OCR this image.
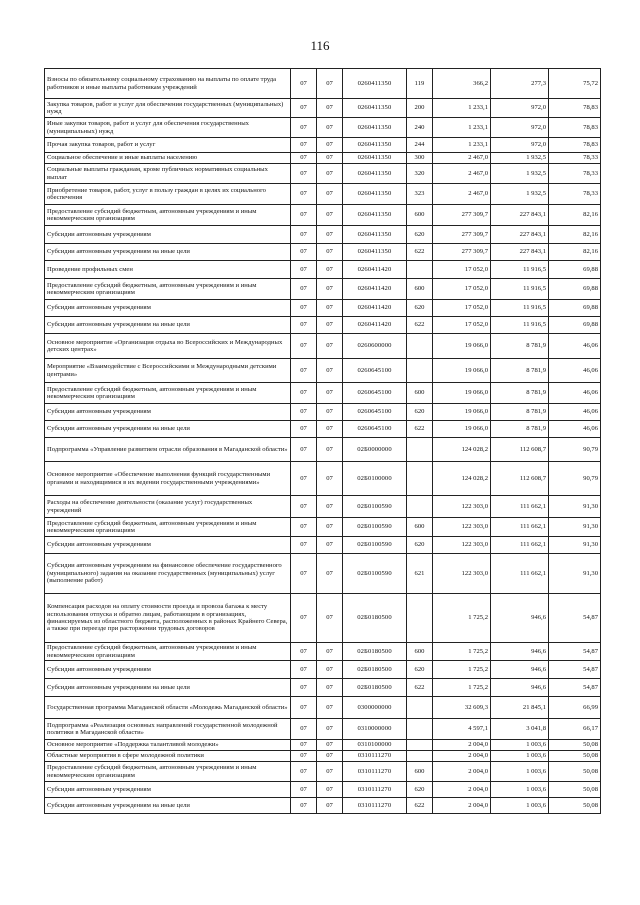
116
Взносы по обязательному социальному страхованию на выплаты по оплате труда работников и иные выплаты работникам учреждений	07	07	0260411350	119	366,2	277,3	75,72
Закупка товаров, работ и услуг для обеспечения государственных (муниципальных) нужд	07	07	0260411350	200	1 233,1	972,0	78,83
Иные закупки товаров, работ и услуг для обеспечения государственных (муниципальных) нужд	07	07	0260411350	240	1 233,1	972,0	78,83
Прочая закупка товаров, работ и услуг	07	07	0260411350	244	1 233,1	972,0	78,83
Социальное обеспечение и иные выплаты населению	07	07	0260411350	300	2 467,0	1 932,5	78,33
Социальные выплаты гражданам, кроме публичных нормативных социальных выплат	07	07	0260411350	320	2 467,0	1 932,5	78,33
Приобретение товаров, работ, услуг в пользу граждан в целях их социального обеспечения	07	07	0260411350	323	2 467,0	1 932,5	78,33
Предоставление субсидий бюджетным, автономным учреждениям и иным некоммерческим организациям	07	07	0260411350	600	277 309,7	227 843,1	82,16
Субсидии автономным учреждениям	07	07	0260411350	620	277 309,7	227 843,1	82,16
Субсидии автономным учреждениям на иные цели	07	07	0260411350	622	277 309,7	227 843,1	82,16
Проведение профильных смен	07	07	0260411420		17 052,0	11 916,5	69,88
Предоставление субсидий бюджетным, автономным учреждениям и иным некоммерческим организациям	07	07	0260411420	600	17 052,0	11 916,5	69,88
Субсидии автономным учреждениям	07	07	0260411420	620	17 052,0	11 916,5	69,88
Субсидии автономным учреждениям на иные цели	07	07	0260411420	622	17 052,0	11 916,5	69,88
Основное мероприятие «Организация отдыха во Всероссийских и Международных детских центрах»	07	07	0260600000		19 066,0	8 781,9	46,06
Мероприятие «Взаимодействие с Всероссийскими и Международными детскими центрами»	07	07	0260645100		19 066,0	8 781,9	46,06
Предоставление субсидий бюджетным, автономным учреждениям и иным некоммерческим организациям	07	07	0260645100	600	19 066,0	8 781,9	46,06
Субсидии автономным учреждениям	07	07	0260645100	620	19 066,0	8 781,9	46,06
Субсидии автономным учреждениям на иные цели	07	07	0260645100	622	19 066,0	8 781,9	46,06
Подпрограмма «Управление развитием отрасли образования в Магаданской области»	07	07	02Б0000000		124 028,2	112 608,7	90,79
Основное мероприятие «Обеспечение выполнения функций государственными органами и находящимися в их ведении государственными учреждениями»	07	07	02Б0100000		124 028,2	112 608,7	90,79
Расходы на обеспечение деятельности (оказание услуг) государственных учреждений	07	07	02Б0100590		122 303,0	111 662,1	91,30
Предоставление субсидий бюджетным, автономным учреждениям и иным некоммерческим организациям	07	07	02Б0100590	600	122 303,0	111 662,1	91,30
Субсидии автономным учреждениям	07	07	02Б0100590	620	122 303,0	111 662,1	91,30
Субсидии автономным учреждениям на финансовое обеспечение государственного (муниципального) задания на оказание государственных (муниципальных) услуг (выполнение работ)	07	07	02Б0100590	621	122 303,0	111 662,1	91,30
Компенсация расходов на оплату стоимости проезда и провоза багажа к месту использования отпуска и обратно лицам, работающим в организациях, финансируемых из областного бюджета, расположенных в районах Крайнего Севера, а также при переезде при расторжении трудовых договоров	07	07	02Б0180500		1 725,2	946,6	54,87
Предоставление субсидий бюджетным, автономным учреждениям и иным некоммерческим организациям	07	07	02Б0180500	600	1 725,2	946,6	54,87
Субсидии автономным учреждениям	07	07	02Б0180500	620	1 725,2	946,6	54,87
Субсидии автономным учреждениям на иные цели	07	07	02Б0180500	622	1 725,2	946,6	54,87
Государственная программа Магаданской области «Молодежь Магаданской области»	07	07	0300000000		32 609,3	21 845,1	66,99
Подпрограмма «Реализация основных направлений государственной молодежной политики в Магаданской области»	07	07	0310000000		4 597,1	3 041,8	66,17
Основное мероприятие «Поддержка талантливой молодежи»	07	07	0310100000		2 004,0	1 003,6	50,08
Областные мероприятия в сфере молодежной политики	07	07	0310111270		2 004,0	1 003,6	50,08
Предоставление субсидий бюджетным, автономным учреждениям и иным некоммерческим организациям	07	07	0310111270	600	2 004,0	1 003,6	50,08
Субсидии автономным учреждениям	07	07	0310111270	620	2 004,0	1 003,6	50,08
Субсидии автономным учреждениям на иные цели	07	07	0310111270	622	2 004,0	1 003,6	50,08
